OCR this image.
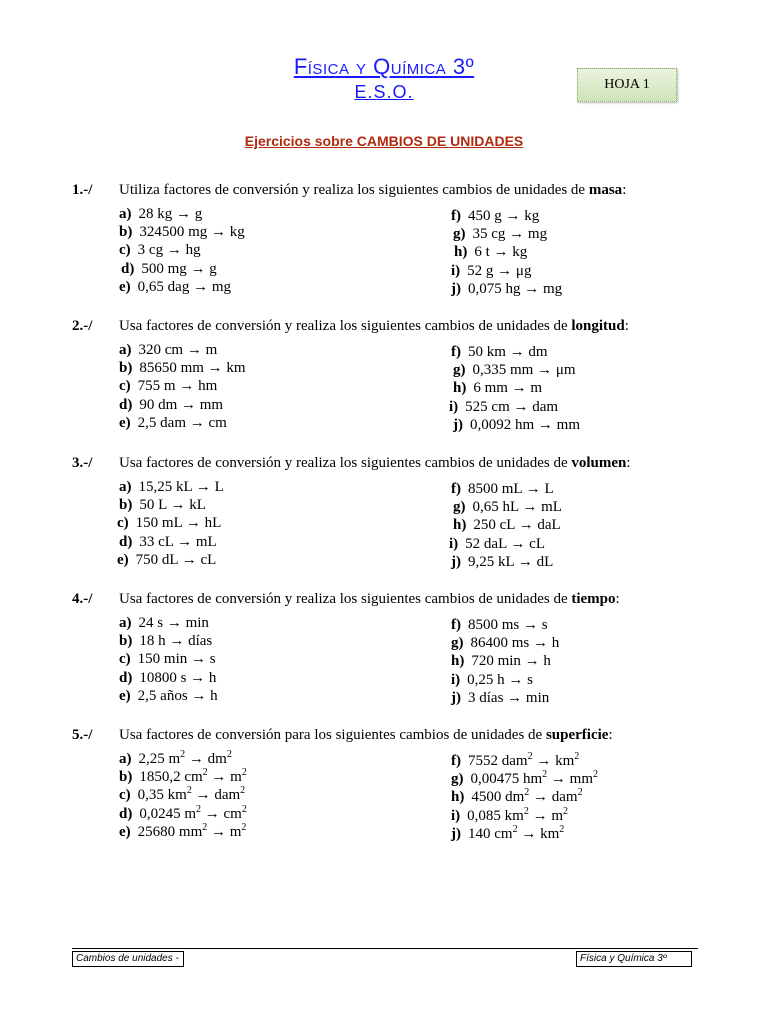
Física y Química 3º
E.S.O.	HOJA 1
Ejercicios sobre CAMBIOS DE UNIDADES
1.-/ Utiliza factores de conversión y realiza los siguientes cambios de unidades de masa:
a) 28 kg → g
b) 324500 mg → kg
c) 3 cg → hg
d) 500 mg → g
e) 0,65 dag → mg
f) 450 g → kg
g) 35 cg → mg
h) 6 t → kg
i) 52 g → μg
j) 0,075 hg → mg
2.-/ Usa factores de conversión y realiza los siguientes cambios de unidades de longitud:
a) 320 cm → m
b) 85650 mm → km
c) 755 m → hm
d) 90 dm → mm
e) 2,5 dam → cm
f) 50 km → dm
g) 0,335 mm → μm
h) 6 mm → m
i) 525 cm → dam
j) 0,0092 hm → mm
3.-/ Usa factores de conversión y realiza los siguientes cambios de unidades de volumen:
a) 15,25 kL → L
b) 50 L → kL
c) 150 mL → hL
d) 33 cL → mL
e) 750 dL → cL
f) 8500 mL → L
g) 0,65 hL → mL
h) 250 cL → daL
i) 52 daL → cL
j) 9,25 kL → dL
4.-/ Usa factores de conversión y realiza los siguientes cambios de unidades de tiempo:
a) 24 s → min
b) 18 h → días
c) 150 min → s
d) 10800 s → h
e) 2,5 años → h
f) 8500 ms → s
g) 86400 ms → h
h) 720 min → h
i) 0,25 h → s
j) 3 días → min
5.-/ Usa factores de conversión para los siguientes cambios de unidades de superficie:
a) 2,25 $m^2 \to dm^2$
b) 1850,2 $cm^2 \to m^2$
c) 0,35 $km^2 \to dam^2$
d) 0,0245 $m^2 \to cm^2$
e) 25680 $mm^2 \to m^2$
f) 7552 $dam^2 \to km^2$
g) 0,00475 $hm^2 \to mm^2$
h) 4500 $dm^2 \to dam^2$
i) 0,085 $km^2 \to m^2$
j) 140 $cm^2 \to km^2$
Cambios de unidades -	Física y Química 3º
